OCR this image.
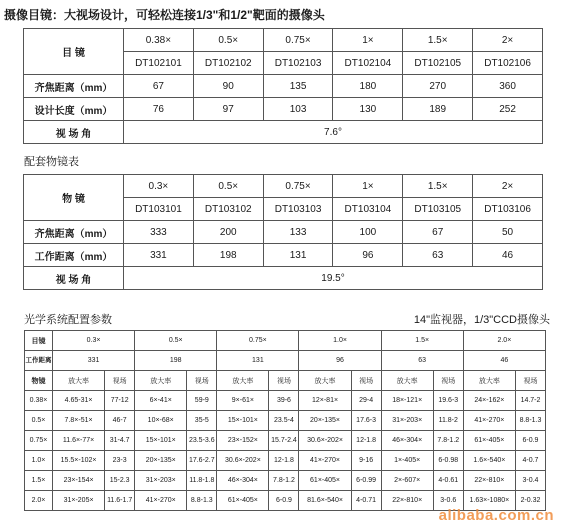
摄像目镜：大视场设计，可轻松连接1/3"和1/2"靶面的摄像头
目 镜	0.38×	0.5×	0.75×	1×	1.5×	2×
	DT102101	DT102102	DT102103	DT102104	DT102105	DT102106
齐焦距离（mm）	67	90	135	180	270	360
设计长度（mm）	76	97	103	130	189	252
视 场 角	7.6°					
配套物镜表
物 镜	0.3×	0.5×	0.75×	1×	1.5×	2×
	DT103101	DT103102	DT103103	DT103104	DT103105	DT103106
齐焦距离（mm）	333	200	133	100	67	50
工作距离（mm）	331	198	131	96	63	46
视 场 角	19.5°					
光学系统配置参数	14"监视器，1/3"CCD摄像头
目镜	0.3×		0.5×		0.75×		1.0×		1.5×		2.0×	
工作距离	331		198		131		96		63		46	
物镜	放大率	视场	放大率	视场	放大率	视场	放大率	视场	放大率	视场	放大率	视场
0.38×	4.65-31×	77-12	6×-41×	59-9	9×-61×	39-6	12×-81×	29-4	18×-121×	19.6-3	24×-162×	14.7-2
0.5×	7.8×-51×	46-7	10×-68×	35-5	15×-101×	23.5-4	20×-135×	17.6-3	31×-203×	11.8-2	41×-270×	8.8-1.3
0.75×	11.6×-77×	31-4.7	15×-101×	23.5-3.6	23×-152×	15.7-2.4	30.6×-202×	12-1.8	46×-304×	7.8-1.2	61×-405×	6-0.9
1.0×	15.5×-102×	23-3	20×-135×	17.6-2.7	30.6×-202×	12-1.8	41×-270×	9-16	1×-405×	6-0.98	1.6×-540×	4-0.7
1.5×	23×-154×	15-2.3	31×-203×	11.8-1.8	46×-304×	7.8-1.2	61×-405×	6-0.99	2×-607×	4-0.61	22×-810×	3-0.4
2.0×	31×-205×	11.6-1.7	41×-270×	8.8-1.3	61×-405×	6-0.9	81.6×-540×	4-0.71	22×-810×	3-0.6	1.63×-1080×	2-0.32
alibaba.com.cn
